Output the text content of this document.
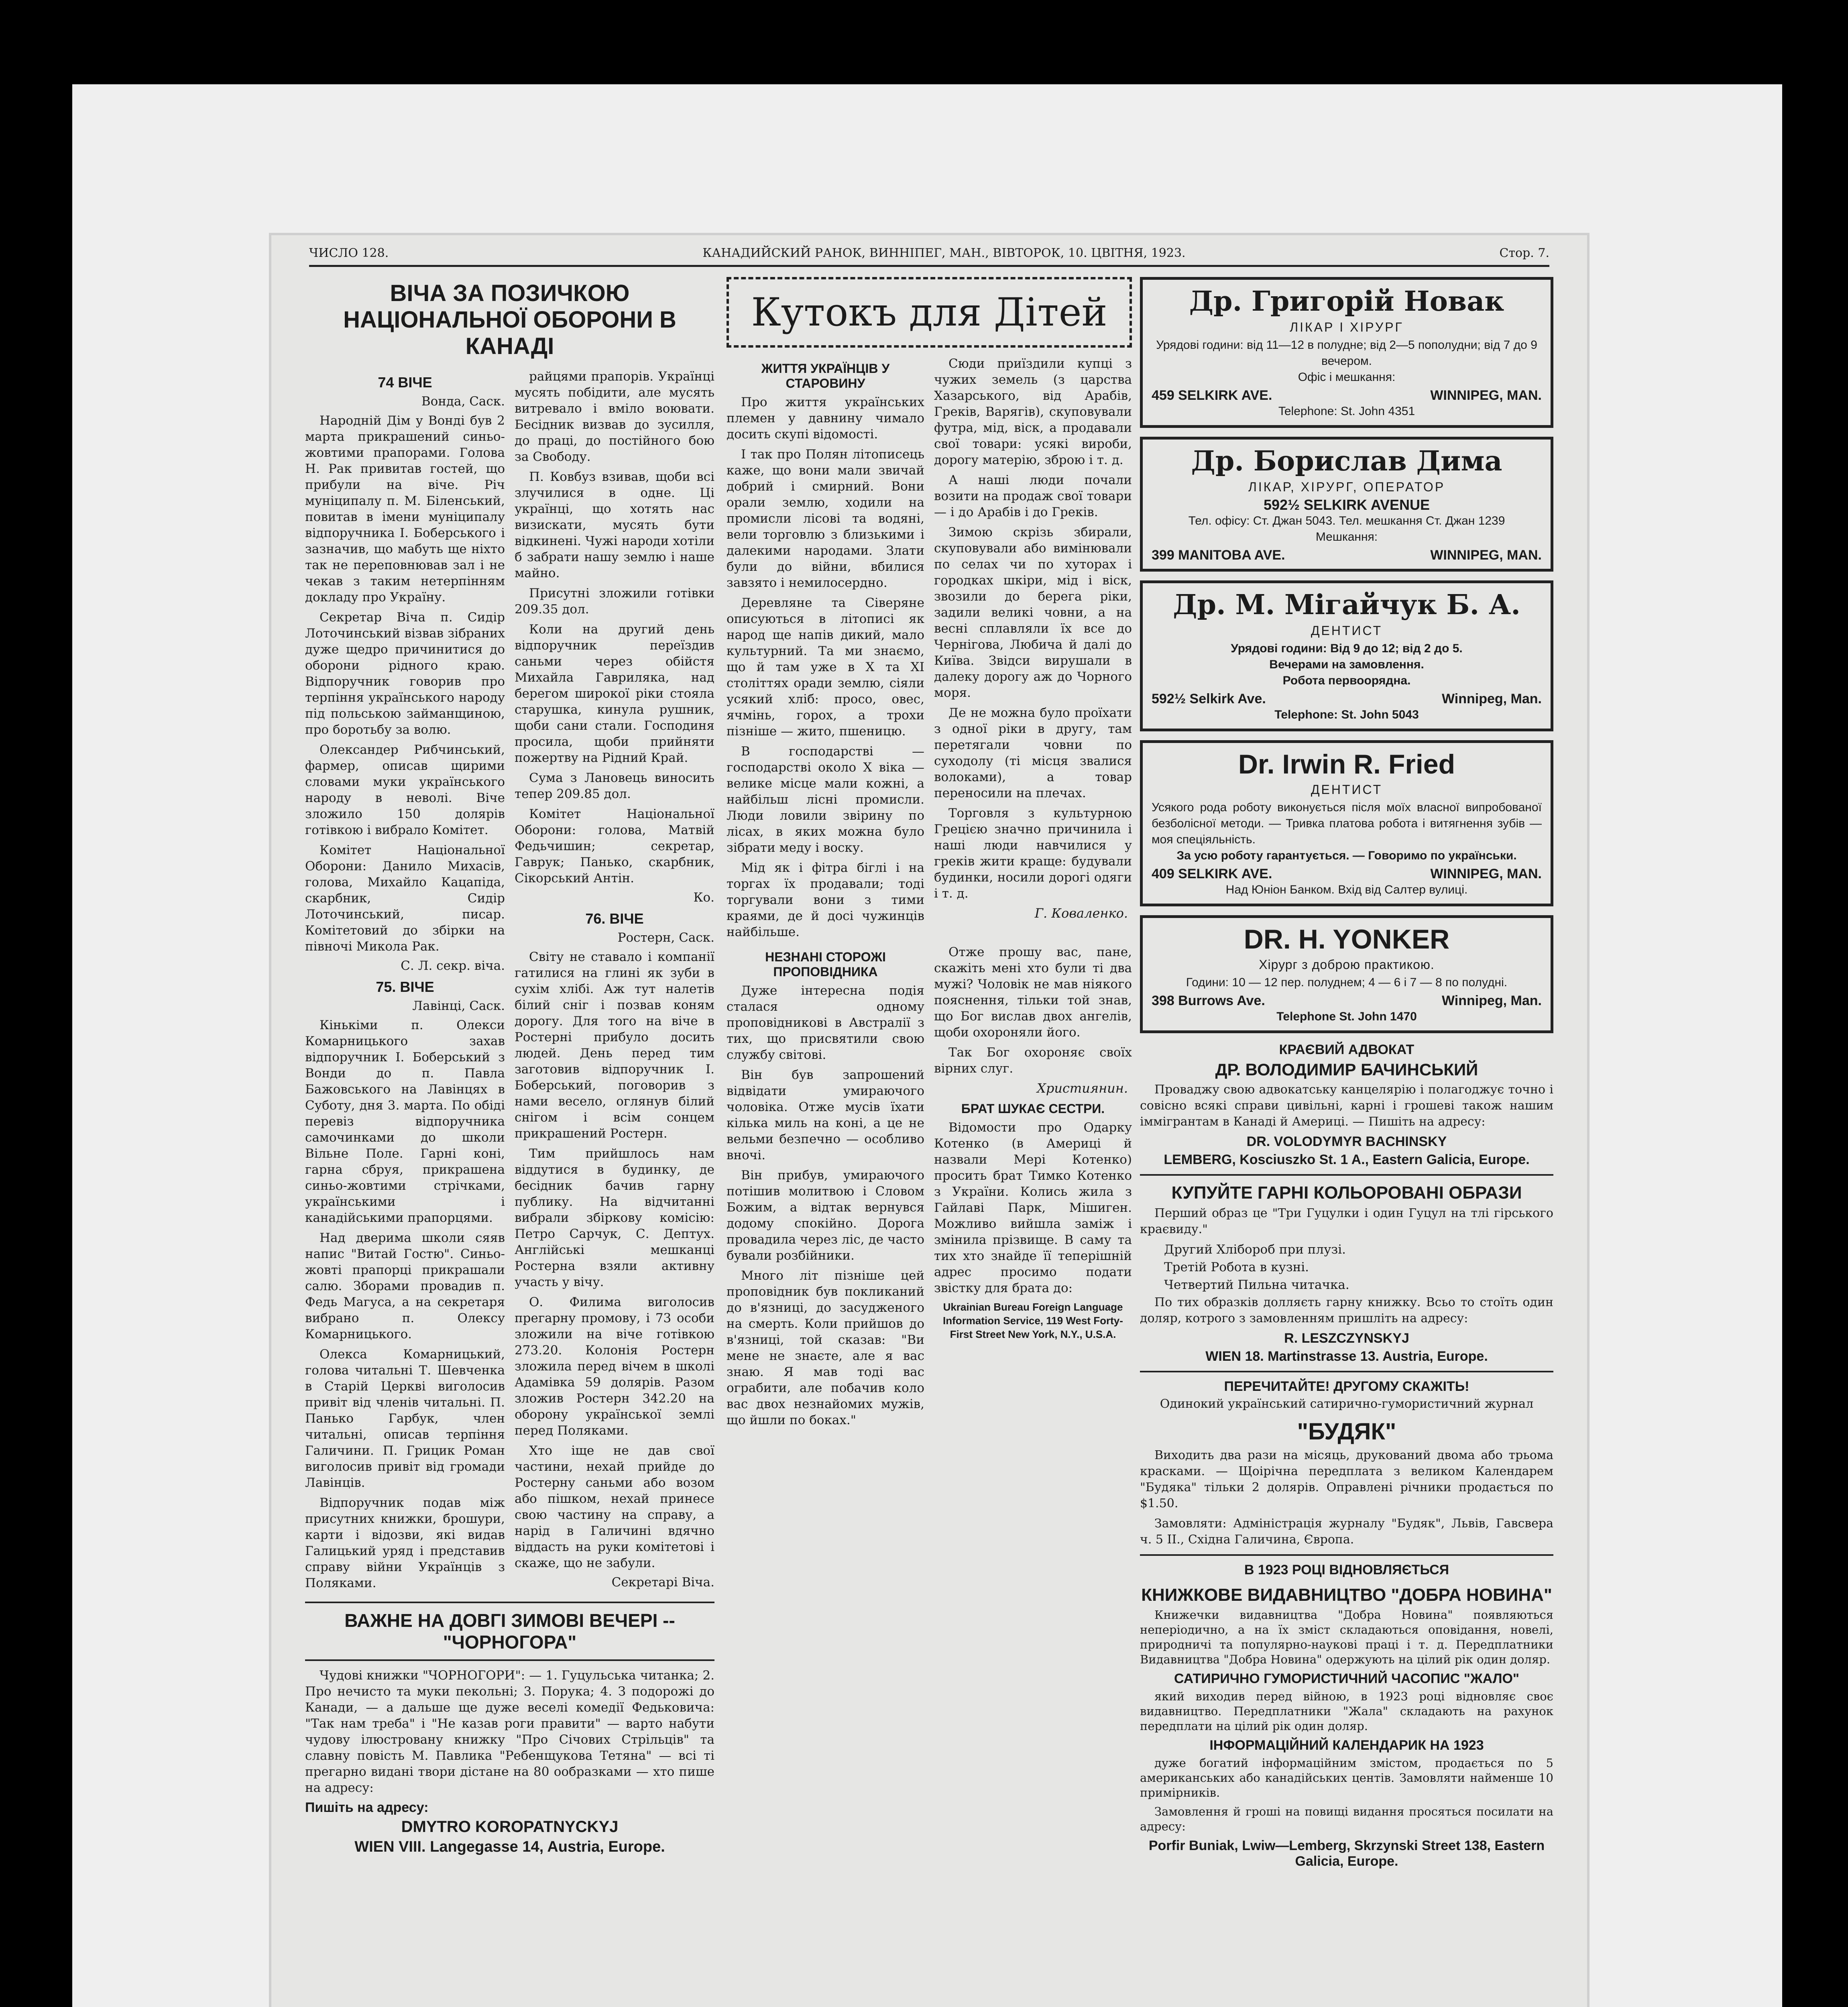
ЧИСЛО 128.	КАНАДИЙСКИЙ РАНОК, ВИННІПЕГ, МАН., ВІВТОРОК, 10. ЦВІТНЯ, 1923.	Стор. 7.
ВІЧА ЗА ПОЗИЧКОЮ НАЦІОНАЛЬНОЇ ОБОРОНИ В КАНАДІ
74 ВІЧЕ
Вонда, Саск.

Народній Дім у Вонді був 2 марта прикрашений синьо-жовтими прапорами. Голова Н. Рак привитав гостей, що прибули на віче. Річ муніципалу п. М. Біленський, повитав в імени муніципалу відпоручника І. Боберського і зазначив, що мабуть ще ніхто так не переповнював зал і не чекав з таким нетерпінням докладу про Україну.

Секретар Віча п. Сидір Лоточинський візвав зібраних дуже щедро причинитися до оборони рідного краю. Відпоручник говорив про терпіння українського народу під польською займанщиною, про боротьбу за волю.

Олександер Рибчинський, фармер, описав щирими словами муки українського народу в неволі. Віче зложило 150 долярів готівкою і вибрало Комітет.

Комітет Національної Оборони: Данило Михасів, голова, Михайло Кацапіда, скарбник, Сидір Лоточинський, писар. Комітетовий до збірки на півночі Микола Рак.

С. Л. секр. віча.
75. ВІЧЕ
Лавінці, Саск.

Кінькіми п. Олекси Комарницького захав відпоручник І. Боберський з Вонди до п. Павла Бажовського на Лавінцях в Суботу, дня 3. марта. По обіді перевіз відпоручника самочинками до школи Вільне Поле. Гарні коні, гарна сбруя, прикрашена синьо-жовтими стрічками, українськими і канадійськими прапорцями.

Над дверима школи сяяв напис "Витай Гостю". Синьо-жовті прапорці прикрашали салю. Зборами провадив п. Федь Магуса, а на секретаря вибрано п. Олексу Комарницького.

Олекса Комарницький, голова читальні Т. Шевченка в Старій Церкві виголосив привіт від членів читальні. П. Панько Гарбук, член читальні, описав терпіння Галичини. П. Грицик Роман виголосив привіт від громади Лавінців.

Відпоручник подав між присутних книжки, брошури, карти і відозви, які видав Галицький уряд і представив справу війни Українців з Поляками.

райцями прапорів. Українці мусять побідити, але мусять витревало і вміло воювати. Бесідник визвав до зусилля, до праці, до постійного бою за Свободу.

П. Ковбуз взивав, щоби всі злучилися в одне. Ці українці, що хотять нас визискати, мусять бути відкинені. Чужі народи хотіли б забрати нашу землю і наше майно.

Присутні зложили готівки 209.35 дол.

Коли на другий день відпоручник переїздив саньми через обійстя Михайла Гавриляка, над берегом широкої ріки стояла старушка, кинула рушник, щоби сани стали. Господиня просила, щоби прийняти пожертву на Рідний Край.

Сума з Лановець виносить тепер 209.85 дол.

Комітет Національної Оборони: голова, Матвій Федьчишин; секретар, Гаврук; Панько, скарбник, Сікорський Антін.

Ко.
76. ВІЧЕ
Ростерн, Саск.

Світу не ставало і компанії гатилися на глині як зуби в сухім хлібі. Аж тут налетів білий сніг і позвав коням дорогу. Для того на віче в Ростерні прибуло досить людей. День перед тим заготовив відпоручник І. Боберський, поговорив з нами весело, оглянув білий снігом і всім сонцем прикрашений Ростерн.

Тим прийшлось нам віддутися в будинку, де бесідник бачив гарну публику. На відчитанні вибрали збіркову комісію: Петро Сарчук, С. Дептух. Англійські мешканці Ростерна взяли активну участь у вічу.

О. Филима виголосив прегарну промову, і 73 особи зложили на віче готівкою 273.20. Колонія Ростерн зложила перед вічем в школі Адамівка 59 долярів. Разом зложив Ростерн 342.20 на оборону української землі перед Поляками.

Хто іще не дав свої частини, нехай прийде до Ростерну саньми або возом або пішком, нехай принесе свою частину на справу, а нарід в Галичині вдячно віддасть на руки комітетові і скаже, що не забули.

Секретарі Віча.
ВАЖНЕ НА ДОВГІ ЗИМОВІ ВЕЧЕРІ -- "ЧОРНОГОРА"

Чудові книжки "ЧОРНОГОРИ": — 1. Гуцульська читанка; 2. Про нечисто та муки пекольні; 3. Порука; 4. З подорожі до Канади, — а дальше ще дуже веселі комедії Федьковича: "Так нам треба" і "Не казав роги правити" — варто набути чудову ілюстровану книжку "Про Січових Стрільців" та славну повість М. Павлика "Ребенщукова Тетяна" — всі ті прегарно видані твори дістане на 80 ообразками — хто пише на адресу:

Пишіть на адресу:
DMYTRO KOROPATNYCKYJ
WIEN VIII. Langegasse 14, Austria, Europe.
Кутокъ для Дітей
ЖИТТЯ УКРАЇНЦІВ У СТАРОВИНУ

Про життя українських племен у давнину чимало досить скупі відомості.

І так про Полян літописець каже, що вони мали звичай добрий і смирний. Вони орали землю, ходили на промисли лісові та водяні, вели торговлю з близькими і далекими народами. Злати були до війни, вбилися завзято і немилосердно.

Деревляне та Сіверяне описуються в літописі як народ ще напів дикий, мало культурний. Та ми знаємо, що й там уже в X та XI століттях оради землю, сіяли усякий хліб: просо, овес, ячмінь, горох, а трохи пізніше — жито, пшеницю.

В господарстві — господарстві около Х віка — велике місце мали кожні, а найбільш лісні промисли. Люди ловили звірину по лісах, в яких можна було зібрати меду і воску.

Мід як і фітра біглі і на торгах їх продавали; тоді торгували вони з тими краями, де й досі чужинців найбільше.

Сюди приїздили купці з чужих земель (з царства Хазарського, від Арабів, Греків, Варягів), скуповували футра, мід, віск, а продавали свої товари: усякі вироби, дорогу матерію, зброю і т. д.

А наші люди почали возити на продаж свої товари — і до Арабів і до Греків.

Зимою скрізь збирали, скуповували або вимінювали по селах чи по хуторах і городках шкіри, мід і віск, звозили до берега ріки, задили великі човни, а на весні сплавляли їх все до Чернігова, Любича й далі до Київа. Звідси вирушали в далеку дорогу аж до Чорного моря.

Де не можна було проїхати з одної ріки в другу, там перетягали човни по суходолу (ті місця звалися волоками), а товар переносили на плечах.

Торговля з культурною Грецією значно причинила і наші люди навчилися у греків жити краще: будували будинки, носили дорогі одяги і т. д.

Г. Коваленко.
НЕЗНАНІ СТОРОЖІ ПРОПОВІДНИКА

Дуже інтересна подія сталася одному проповідникові в Австралії з тих, що присвятили свою службу світові.

Він був запрошений відвідати умираючого чоловіка. Отже мусів їхати кілька миль на коні, а це не вельми безпечно — особливо вночі.

Він прибув, умираючого потішив молитвою і Словом Божим, а відтак вернувся додому спокійно. Дорога провадила через ліс, де часто бували розбійники.

Много літ пізніше цей проповідник був покликаний до в'язниці, до засудженого на смерть. Коли прийшов до в'язниці, той сказав: "Ви мене не знаєте, але я вас знаю. Я мав тоді вас ограбити, але побачив коло вас двох незнайомих мужів, що йшли по боках."

Отже прошу вас, пане, скажіть мені хто були ті два мужі? Чоловік не мав ніякого пояснення, тільки той знав, що Бог вислав двох ангелів, щоби охороняли його.

Так Бог охороняє своїх вірних слуг.

Християнин.
БРАТ ШУКАЄ СЕСТРИ.

Відомости про Одарку Котенко (в Америці й назвали Мері Котенко) просить брат Тимко Котенко з України. Колись жила з Гайлаві Парк, Мішиген. Можливо вийшла заміж і змінила прізвище. В саму та тих хто знайде її теперішній адрес просимо подати звістку для брата до:

Ukrainian Bureau Foreign Language Information Service, 119 West Forty-First Street New York, N.Y., U.S.A.
Др. Григорій Новак
ЛІКАР І ХІРУРГ
Урядові години: від 11—12 в полудне; від 2—5 пополудни; від 7 до 9 вечером.
Офіс і мешкання:
459 SELKIRK AVE.	WINNIPEG, MAN.
Telephone: St. John 4351
Др. Борислав Дима
ЛІКАР, ХІРУРГ, ОПЕРАТОР
592½ SELKIRK AVENUE
Тел. офісу: Ст. Джан 5043. Тел. мешкання Ст. Джан 1239
Мешкання:
399 MANITOBA AVE.	WINNIPEG, MAN.
Др. М. Мігайчук Б. А.
ДЕНТИСТ
Урядові години: Від 9 до 12; від 2 до 5.
Вечерами на замовлення.
Робота первоорядна.
592½ Selkirk Ave.	Winnipeg, Man.
Telephone: St. John 5043
Dr. Irwin R. Fried
ДЕНТИСТ
Усякого рода роботу виконується після моїх власної випробованої безболісної методи. — Тривка платова робота і витягнення зубів — моя спеціяльність.
За усю роботу гарантується. — Говоримо по українськи.
409 SELKIRK AVE.	WINNIPEG, MAN.
Над Юніон Банком. Вхід від Салтер вулиці.
DR. H. YONKER
Хірург з доброю практикою.
Години: 10 — 12 пер. полуднем; 4 — 6 і 7 — 8 по полудні.
398 Burrows Ave.	Winnipeg, Man.
Telephone St. John 1470
КРАЄВИЙ АДВОКАТ
ДР. ВОЛОДИМИР БАЧИНСЬКИЙ

Проваджу свою адвокатську канцелярію і полагоджує точно і совісно всякі справи цивільні, карні і грошеві також нашим іммігрантам в Канаді й Америці. — Пишіть на адресу:

DR. VOLODYMYR BACHINSKY
LEMBERG, Kosciuszko St. 1 A., Eastern Galicia, Europe.
КУПУЙТЕ ГАРНІ КОЛЬОРОВАНІ ОБРАЗИ

Перший образ це "Три Гуцулки і один Гуцул на тлі гірського краєвиду."

Другий Хлібороб при плузі.
Третій Робота в кузні.
Четвертий Пильна читачка.

По тих образків долляєть гарну книжку. Всьо то стоїть один доляр, котрого з замовленням пришліть на адресу:

R. LESZCZYNSKYJ
WIEN 18. Martinstrasse 13. Austria, Europe.
ПЕРЕЧИТАЙТЕ! ДРУГОМУ СКАЖІТЬ!
Одинокий український сатирично-гумористичний журнал
"БУДЯК"

Виходить два рази на місяць, друкований двома або трьома красками. — Щоірічна передплата з великом Календарем "Будяка" тільки 2 долярів. Оправлені річники продається по $1.50.

Замовляти: Адміністрація журналу "Будяк", Львів, Гавсвера ч. 5 II., Східна Галичина, Європа.

В 1923 РОЦІ ВІДНОВЛЯЄТЬСЯ
КНИЖКОВЕ ВИДАВНИЦТВО "ДОБРА НОВИНА"

Книжечки видавництва "Добра Новина" появляються неперіодично, а на їх зміст складаються оповідання, новелі, природничі та популярно-наукові праці і т. д. Передплатники Видавництва "Добра Новина" одержують на цілий рік один доляр.

САТИРИЧНО ГУМОРИСТИЧНИЙ ЧАСОПИС "ЖАЛО"

який виходив перед війною, в 1923 році відновляє своє видавництво. Передплатники "Жала" складають на рахунок передплати на цілий рік один доляр.

ІНФОРМАЦІЙНИЙ КАЛЕНДАРИК НА 1923

дуже богатий інформаційним змістом, продається по 5 американських або канадійських центів. Замовляти найменше 10 примірників.

Замовлення й гроші на повищі видання просяться посилати на адресу:

Porfir Buniak, Lwiw—Lemberg, Skrzynski Street 138, Eastern Galicia, Europe.
